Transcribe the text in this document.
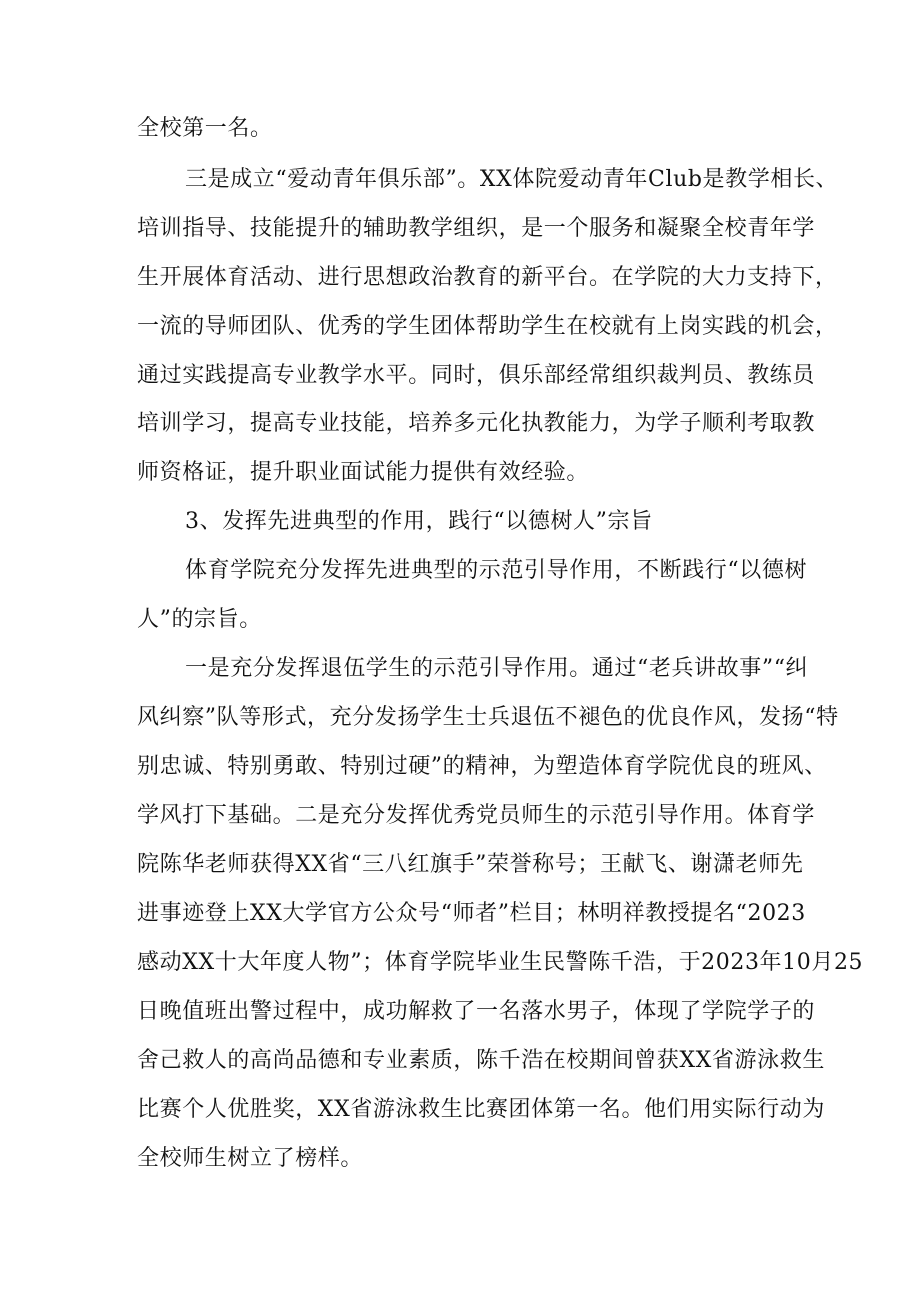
全校第一名。
三是成立“爱动青年俱乐部”。XX体院爱动青年Club是教学相长、
培训指导、技能提升的辅助教学组织，是一个服务和凝聚全校青年学
生开展体育活动、进行思想政治教育的新平台。在学院的大力支持下，
一流的导师团队、优秀的学生团体帮助学生在校就有上岗实践的机会，
通过实践提高专业教学水平。同时，俱乐部经常组织裁判员、教练员
培训学习，提高专业技能，培养多元化执教能力，为学子顺利考取教
师资格证，提升职业面试能力提供有效经验。
3、发挥先进典型的作用，践行“以德树人”宗旨
体育学院充分发挥先进典型的示范引导作用，不断践行“以德树
人”的宗旨。
一是充分发挥退伍学生的示范引导作用。通过“老兵讲故事”“纠
风纠察”队等形式，充分发扬学生士兵退伍不褪色的优良作风，发扬“特
别忠诚、特别勇敢、特别过硬”的精神，为塑造体育学院优良的班风、
学风打下基础。二是充分发挥优秀党员师生的示范引导作用。体育学
院陈华老师获得XX省“三八红旗手”荣誉称号；王献飞、谢潇老师先
进事迹登上XX大学官方公众号“师者”栏目；林明祥教授提名“2023
感动XX十大年度人物”；体育学院毕业生民警陈千浩，于2023年10月25
日晚值班出警过程中，成功解救了一名落水男子，体现了学院学子的
舍己救人的高尚品德和专业素质，陈千浩在校期间曾获XX省游泳救生
比赛个人优胜奖，XX省游泳救生比赛团体第一名。他们用实际行动为
全校师生树立了榜样。
